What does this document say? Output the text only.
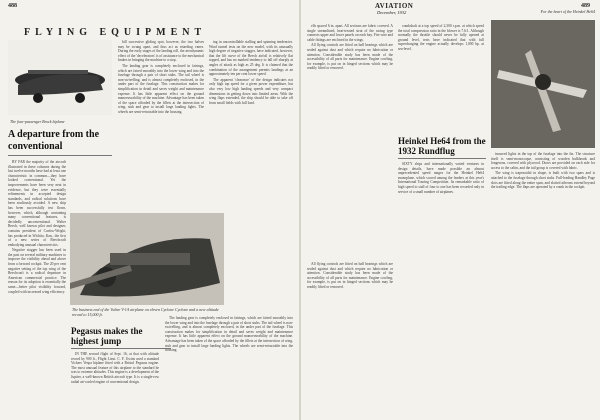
488
FLYING EQUIPMENT
The four-passenger Brock biplane
A departure from the conventional

BY FAR the majority of the aircraft illustrated in these columns during the last twelve months have had at least one characteristic in common—they have looked conventional. Yet the improvements have been very neat in evidence, but they were essentially refinements in accepted design standards, and radical solutions have been studiously avoided. A new ship has been successfully test flown, however, which, although containing many conventional features, is decidedly unconventional. Walter Beech, well known pilot and designer, contains president of Curtiss-Wright, has produced in Wichita, Kan., the first of a new series of Beechcraft embodying unusual characteristics.

Negative stagger has been used in the past on several military machines to improve the visibility ahead and above from a forward cockpit. The 20 per cent negative setting of the top wing of the Beechcraft is a radical departure in American commercial practice. The reason for its adoption is essentially the same—better pilot visibility forward, coupled with increased wing efficiency.

bill successive gliding spot, however, the two halves may be swung apart, and thus act as retarding vanes. During the early stages of the landing roll, the aerodynamic effect of the 'decelerators' is of assistance to the mechanical brakes in bringing the machine to a stop.

The landing gear is completely enclosed in fairings, which are faired smoothly into the lower wing and into the fuselage through a pair of short stubs. The tail wheel is non-swivelling, and is almost completely enclosed, in the under part of the fuselage. This construction makes for simplification in detail and saves weight and maintenance expense. It has little apparent effect on the ground manoeuvrability of the machine. Advantage has been taken of the space afforded by the fillets at the intersection of wing, stub and gear to install large landing lights. The wheels are semi-retractable into the housing.

ing in uncontrollable stalling and spinning tendencies. Wind tunnel tests on the new model, with its unusually high degree of negative stagger, have indicated, however, that the lift curve of the Beech airfoil is relatively flat topped, and has no marked tendency to fall off sharply at angles of attack as high as 25 deg. It is claimed that the combination of the arrangement permits landings at an approximately ten per cent lower speed.

The apparent 'clearance' of the design indicates not only high top speed for a given power expenditure, but also very low high landing speeds and very compact dimensions in getting down into limited areas. With the wing flaps extended, the ship should be able to take off from small fields with full load.

The business end of the Vultee V-1A airplane on eleven Cyclone Cyclone and a new altitude record to 15,000 ft.
Pegasus makes the highest jump

IN THE second flight of Sept. 16, at that with altitude record by 900 ft., Flight Lieut. C. F. Uwins used a standard Vickers Vespa biplane fitted with a Bristol Pegasus engine. The most unusual feature of this airplane to the standard he was to extreme altitudes. This engine is a development of the Jupiter, a well-known British aircraft type. It is a single-row radial air-cooled engine of conventional design.

The landing gear is completely enclosed in fairings, which are faired smoothly into the lower wing and into the fuselage through a pair of short stubs. The tail wheel is non-swivelling, and is almost completely enclosed, in the under part of the fuselage. This construction makes for simplification in detail and saves weight and maintenance expense. It has little apparent effect on the ground manoeuvrability of the machine. Advantage has been taken of the space afforded by the fillets at the intersection of wing, stub and gear to install large landing lights. The wheels are semi-retractable into the housing.

AVIATION
December, 1932
489

ells spaced 6 in. apart. All sections are fabric covered. A single streamlined, heat-treated strut of the racing type connects upper and lower panels on each bay. Fire wire and cable fittings are enclosed in the wings.

All flying controls are fitted on ball bearings which are sealed against dust and which require no lubrication or attention. Considerable study has been made of the accessibility of all parts for maintenance. Engine cowling, for example, is put on in hinged sections which may be readily lifted or removed.

crankshaft at a top speed of 2,300 r.p.m. at which speed the total compression ratio in the blower is 7.6:1. Although normally the throttle should never be fully opened at ground level, tests have indicated that with full supercharging the engine actually develops 1,000 hp. at sea-level.

For the heart of the Heinkel He64
Heinkel He64 from the 1932 Rundflug

SIXTY ships and internationally varied ventures in design details, have made possible an almost unprecedented speed ranges for the Heinkel He64 monoplane, which scored among the leaders at this year's International Touring Competition. Its remarkable ratio of high speed to stall of four to one has been recorded only in service of a small number of airplanes.

incurred lights in the top of the fuselage into the fin. The structure itself is semi-monocoque, consisting of wooden bulkheads and longerons, covered with plywood. Doors are provided on each side for access to the cabin, and the tail group is covered with fabric.

The wing is trapezoidal in shape, is built with two spars and is attached to the fuselage through short stubs. Full-leading Handley Page slots are fitted along the entire span, and slotted ailerons extend beyond the trailing edge. The flaps are operated by a crank in the cockpit.

All flying controls are fitted on ball bearings which are sealed against dust and which require no lubrication or attention. Considerable study has been made of the accessibility of all parts for maintenance. Engine cowling, for example, is put on in hinged sections which may be readily lifted or removed.
